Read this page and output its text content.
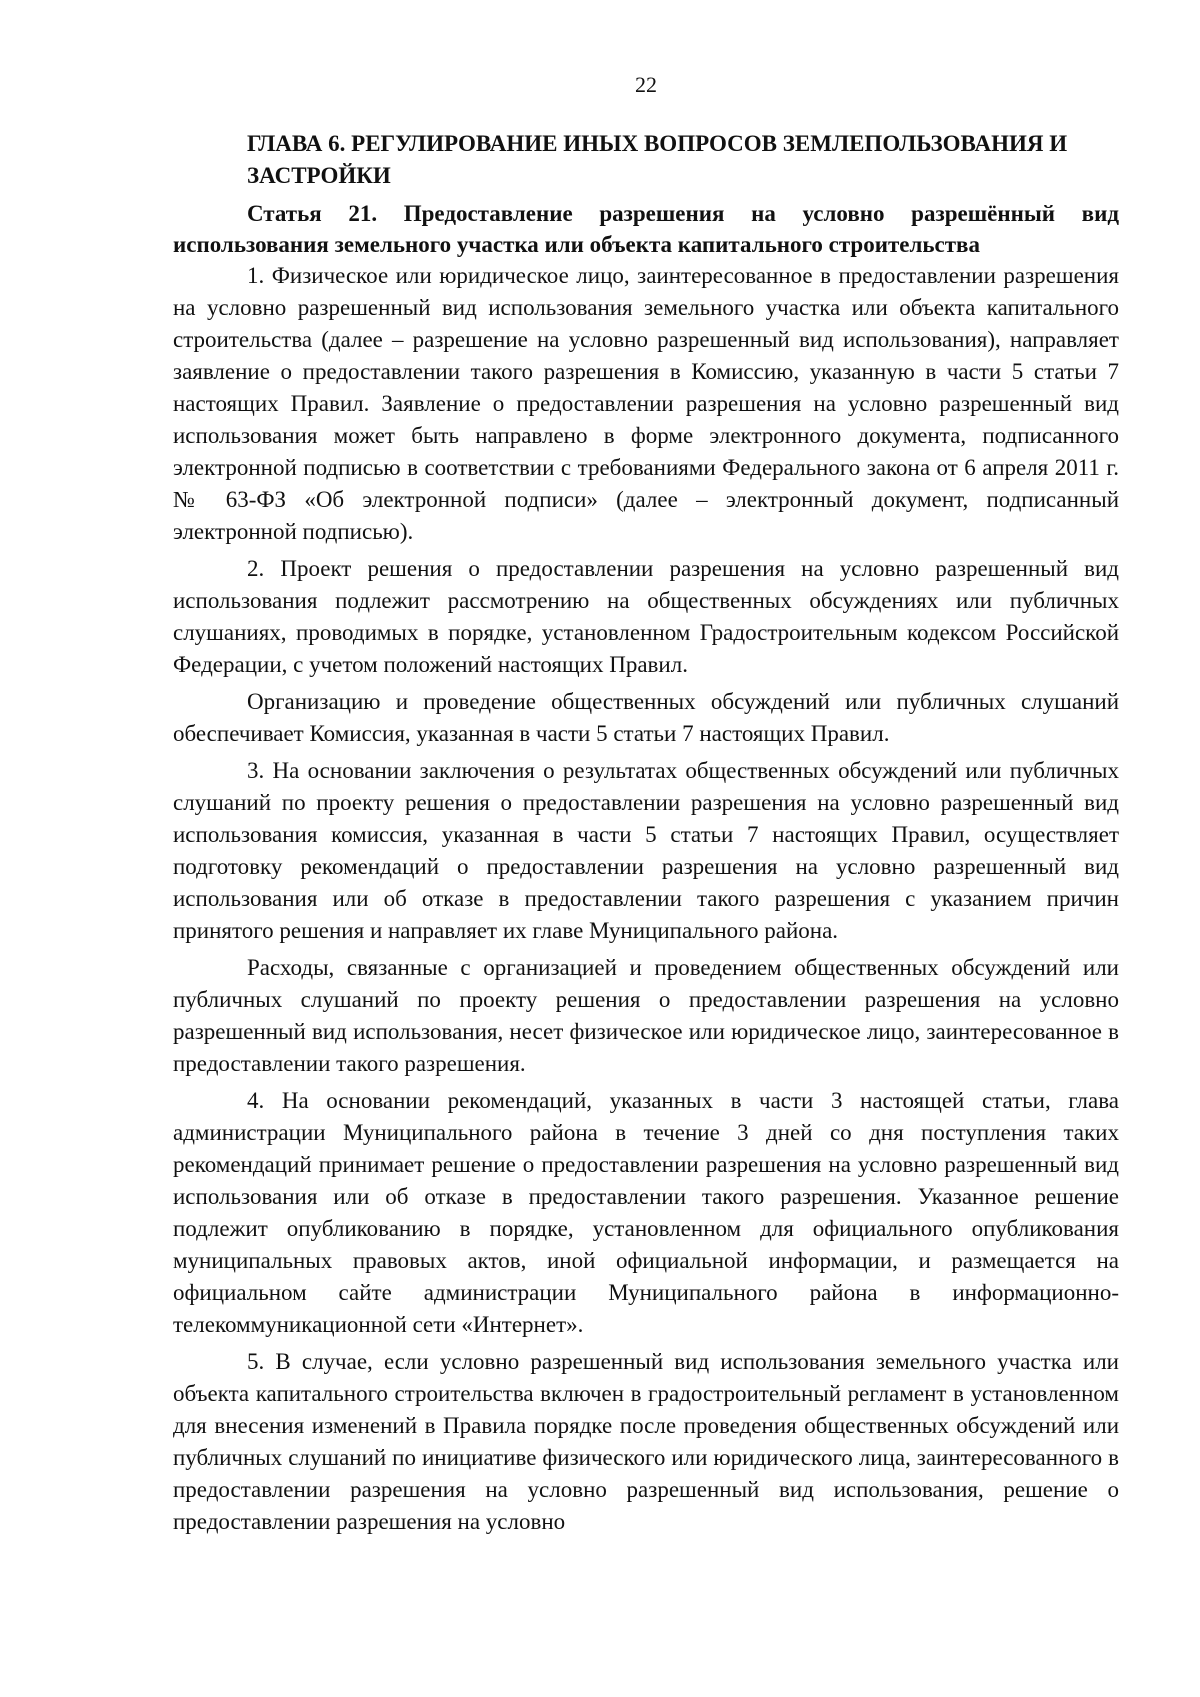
22
ГЛАВА 6. РЕГУЛИРОВАНИЕ ИНЫХ ВОПРОСОВ ЗЕМЛЕПОЛЬЗОВАНИЯ И ЗАСТРОЙКИ

Статья 21. Предоставление разрешения на условно разрешённый вид использования земельного участка или объекта капитального строительства

1. Физическое или юридическое лицо, заинтересованное в предоставлении разрешения на условно разрешенный вид использования земельного участка или объекта капитального строительства (далее – разрешение на условно разрешенный вид использования), направляет заявление о предоставлении такого разрешения в Комиссию, указанную в части 5 статьи 7 настоящих Правил. Заявление о предоставлении разрешения на условно разрешенный вид использования может быть направлено в форме электронного документа, подписанного электронной подписью в соответствии с требованиями Федерального закона от 6 апреля 2011 г. № 63-ФЗ «Об электронной подписи» (далее – электронный документ, подписанный электронной подписью).

2. Проект решения о предоставлении разрешения на условно разрешенный вид использования подлежит рассмотрению на общественных обсуждениях или публичных слушаниях, проводимых в порядке, установленном Градостроительным кодексом Российской Федерации, с учетом положений настоящих Правил.

Организацию и проведение общественных обсуждений или публичных слушаний обеспечивает Комиссия, указанная в части 5 статьи 7 настоящих Правил.

3. На основании заключения о результатах общественных обсуждений или публичных слушаний по проекту решения о предоставлении разрешения на условно разрешенный вид использования комиссия, указанная в части 5 статьи 7 настоящих Правил, осуществляет подготовку рекомендаций о предоставлении разрешения на условно разрешенный вид использования или об отказе в предоставлении такого разрешения с указанием причин принятого решения и направляет их главе Муниципального района.

Расходы, связанные с организацией и проведением общественных обсуждений или публичных слушаний по проекту решения о предоставлении разрешения на условно разрешенный вид использования, несет физическое или юридическое лицо, заинтересованное в предоставлении такого разрешения.

4. На основании рекомендаций, указанных в части 3 настоящей статьи, глава администрации Муниципального района в течение 3 дней со дня поступления таких рекомендаций принимает решение о предоставлении разрешения на условно разрешенный вид использования или об отказе в предоставлении такого разрешения. Указанное решение подлежит опубликованию в порядке, установленном для официального опубликования муниципальных правовых актов, иной официальной информации, и размещается на официальном сайте администрации Муниципального района в информационно-телекоммуникационной сети «Интернет».

5. В случае, если условно разрешенный вид использования земельного участка или объекта капитального строительства включен в градостроительный регламент в установленном для внесения изменений в Правила порядке после проведения общественных обсуждений или публичных слушаний по инициативе физического или юридического лица, заинтересованного в предоставлении разрешения на условно разрешенный вид использования, решение о предоставлении разрешения на условно
